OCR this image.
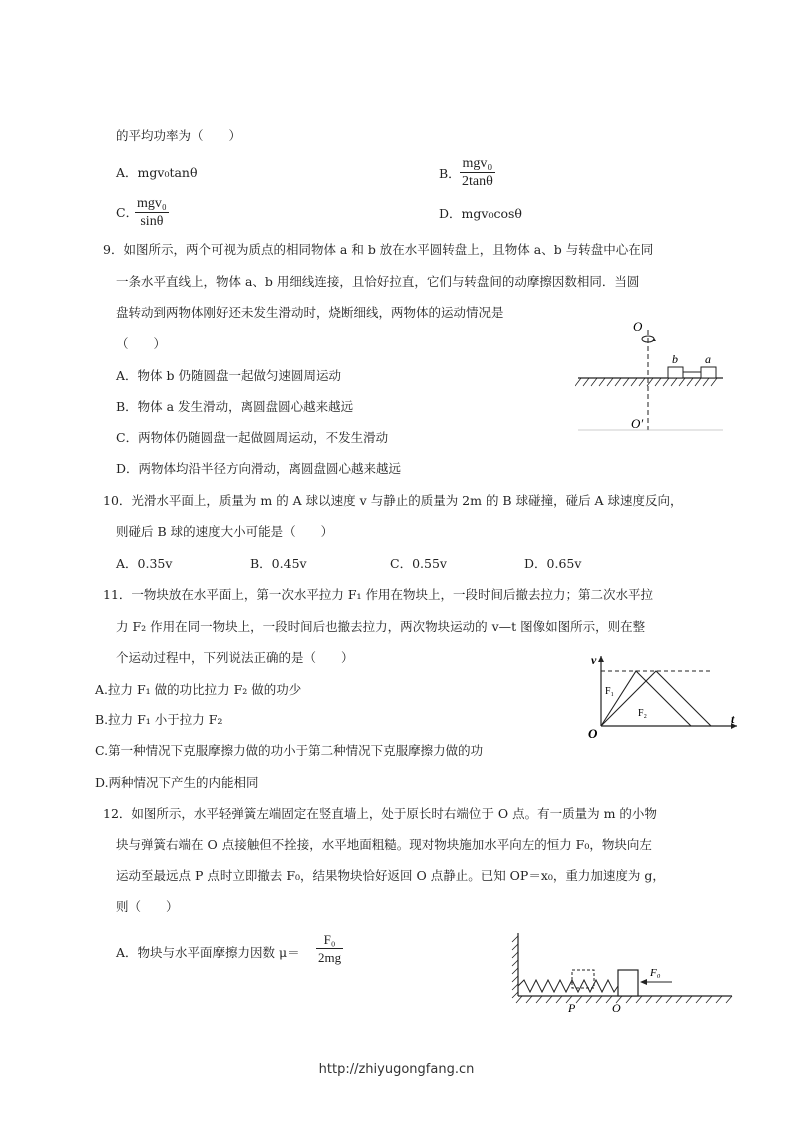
的平均功率为（　　）
A．mgv₀tanθ	B．
mgv₀
2tanθ
C．
mgv₀
sinθ
D．mgv₀cosθ
9．如图所示，两个可视为质点的相同物体 a 和 b 放在水平圆转盘上，且物体 a、b 与转盘中心在同
一条水平直线上，物体 a、b 用细线连接，且恰好拉直，它们与转盘间的动摩擦因数相同．当圆
盘转动到两物体刚好还未发生滑动时，烧断细线，两物体的运动情况是
（　　）
A．物体 b 仍随圆盘一起做匀速圆周运动
B．物体 a 发生滑动，离圆盘圆心越来越远
C．两物体仍随圆盘一起做圆周运动，不发生滑动
D．两物体均沿半径方向滑动，离圆盘圆心越来越远
O
b a
O′
10．光滑水平面上，质量为 m 的 A 球以速度 v 与静止的质量为 2m 的 B 球碰撞，碰后 A 球速度反向，
则碰后 B 球的速度大小可能是（　　）
A．0.35v	B．0.45v	C．0.55v	D．0.65v
11．一物块放在水平面上，第一次水平拉力 F₁ 作用在物块上，一段时间后撤去拉力；第二次水平拉
力 F₂ 作用在同一物块上，一段时间后也撤去拉力，两次物块运动的 v—t 图像如图所示，则在整
个运动过程中，下列说法正确的是（　　）
A.拉力 F₁ 做的功比拉力 F₂ 做的功少
B.拉力 F₁ 小于拉力 F₂
C.第一种情况下克服摩擦力做的功小于第二种情况下克服摩擦力做的功
D.两种情况下产生的内能相同
v
t
O
F₁
F₂
12．如图所示，水平轻弹簧左端固定在竖直墙上，处于原长时右端位于 O 点。有一质量为 m 的小物
块与弹簧右端在 O 点接触但不拴接，水平地面粗糙。现对物块施加水平向左的恒力 F₀，物块向左
运动至最远点 P 点时立即撤去 F₀，结果物块恰好返回 O 点静止。已知 OP＝x₀，重力加速度为 g，
则（　　）
A．物块与水平面摩擦力因数 $\mu= \frac{\text{F₀}}{2mg}$
F₀
P	O
http://zhiyugongfang.cn
